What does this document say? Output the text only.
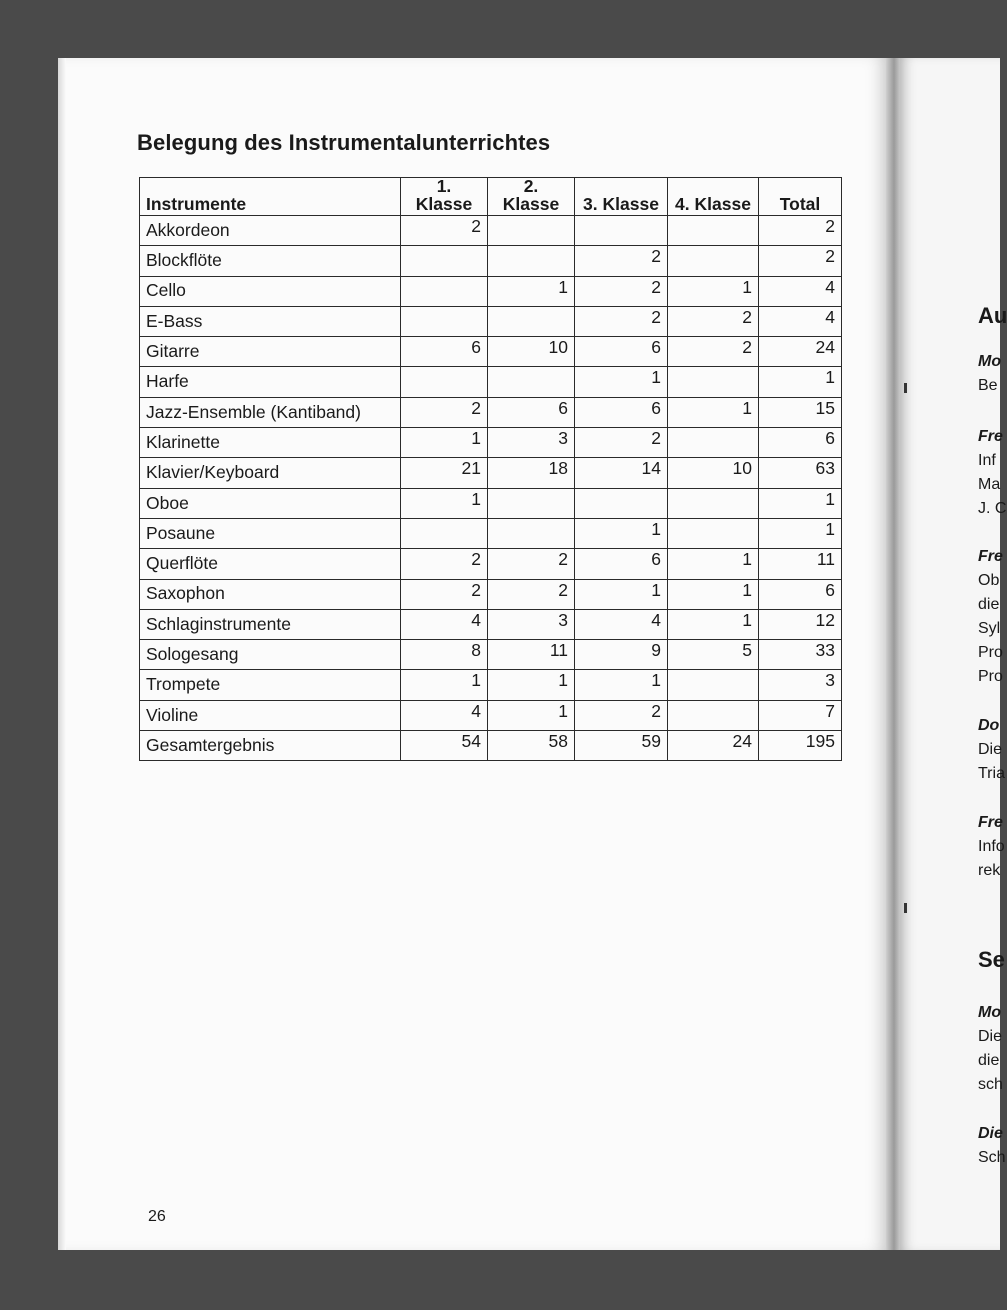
Belegung des Instrumentalunterrichtes
Instrumente	1. Klasse	2. Klasse	3. Klasse	4. Klasse	Total
Akkordeon	2				2
Blockflöte			2		2
Cello		1	2	1	4
E-Bass			2	2	4
Gitarre	6	10	6	2	24
Harfe			1		1
Jazz-Ensemble (Kantiband)	2	6	6	1	15
Klarinette	1	3	2		6
Klavier/Keyboard	21	18	14	10	63
Oboe	1				1
Posaune			1		1
Querflöte	2	2	6	1	11
Saxophon	2	2	1	1	6
Schlaginstrumente	4	3	4	1	12
Sologesang	8	11	9	5	33
Trompete	1	1	1		3
Violine	4	1	2		7
Gesamtergebnis	54	58	59	24	195
26
Au
Mo
Be
Fre
Inf
Ma
J. C
Fre
Ob
die
Syl
Pro
Pro
Do
Die
Tria
Fre
Info
rek
Se
Mo
Die
die
sch
Die
Sch
